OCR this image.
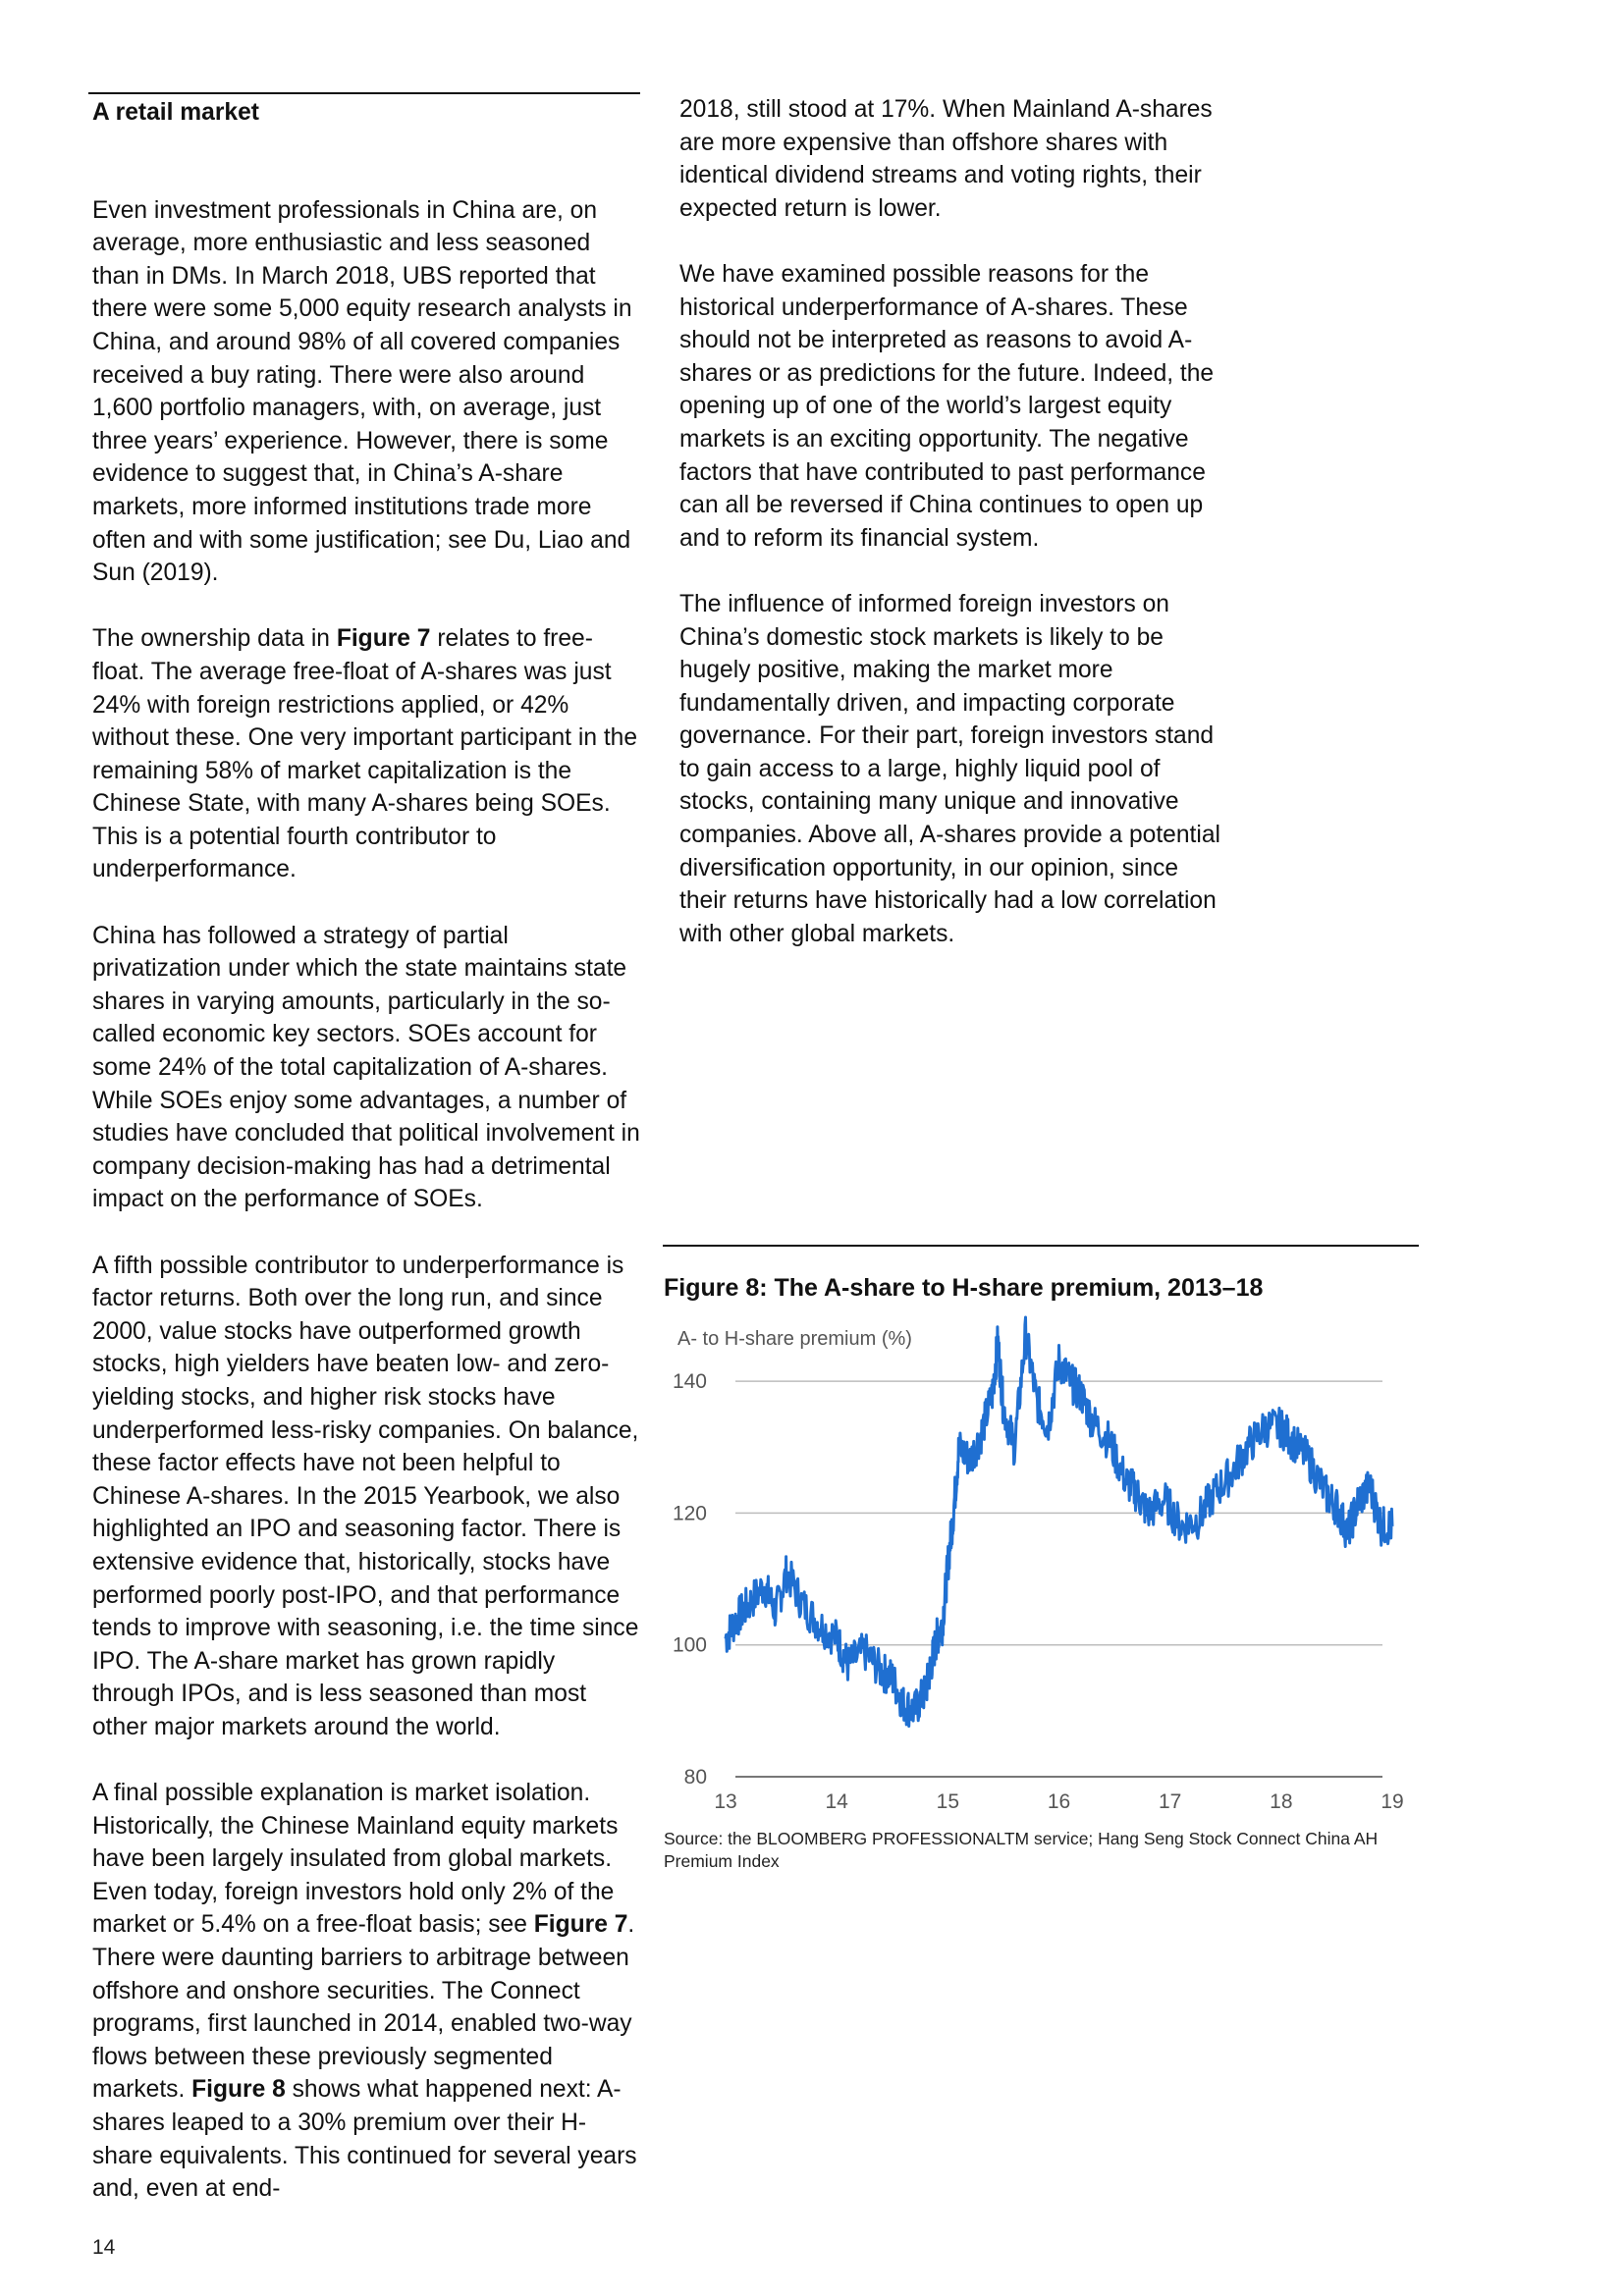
A retail market

Even investment professionals in China are, on average, more enthusiastic and less seasoned than in DMs. In March 2018, UBS reported that there were some 5,000 equity research analysts in China, and around 98% of all covered companies received a buy rating. There were also around 1,600 portfolio managers, with, on average, just three years’ experience. However, there is some evidence to suggest that, in China’s A-share markets, more informed institutions trade more often and with some justification; see Du, Liao and Sun (2019).

The ownership data in Figure 7 relates to free-float. The average free-float of A-shares was just 24% with foreign restrictions applied, or 42% without these. One very important participant in the remaining 58% of market capitalization is the Chinese State, with many A-shares being SOEs. This is a potential fourth contributor to underperformance.

China has followed a strategy of partial privatization under which the state maintains state shares in varying amounts, particularly in the so-called economic key sectors. SOEs account for some 24% of the total capitalization of A-shares. While SOEs enjoy some advantages, a number of studies have concluded that political involvement in company decision-making has had a detrimental impact on the performance of SOEs.

A fifth possible contributor to underperformance is factor returns. Both over the long run, and since 2000, value stocks have outperformed growth stocks, high yielders have beaten low- and zero-yielding stocks, and higher risk stocks have underperformed less-risky companies. On balance, these factor effects have not been helpful to Chinese A-shares. In the 2015 Yearbook, we also highlighted an IPO and seasoning factor. There is extensive evidence that, historically, stocks have performed poorly post-IPO, and that performance tends to improve with seasoning, i.e. the time since IPO. The A-share market has grown rapidly through IPOs, and is less seasoned than most other major markets around the world.

A final possible explanation is market isolation. Historically, the Chinese Mainland equity markets have been largely insulated from global markets. Even today, foreign investors hold only 2% of the market or 5.4% on a free-float basis; see Figure 7. There were daunting barriers to arbitrage between offshore and onshore securities. The Connect programs, first launched in 2014, enabled two-way flows between these previously segmented markets. Figure 8 shows what happened next: A-shares leaped to a 30% premium over their H-share equivalents. This continued for several years and, even at end-

2018, still stood at 17%. When Mainland A-shares are more expensive than offshore shares with identical dividend streams and voting rights, their expected return is lower.

We have examined possible reasons for the historical underperformance of A-shares. These should not be interpreted as reasons to avoid A-shares or as predictions for the future. Indeed, the opening up of one of the world’s largest equity markets is an exciting opportunity. The negative factors that have contributed to past performance can all be reversed if China continues to open up and to reform its financial system.

The influence of informed foreign investors on China’s domestic stock markets is likely to be hugely positive, making the market more fundamentally driven, and impacting corporate governance. For their part, foreign investors stand to gain access to a large, highly liquid pool of stocks, containing many unique and innovative companies. Above all, A-shares provide a potential diversification opportunity, in our opinion, since their returns have historically had a low correlation with other global markets.

Figure 8: The A-share to H-share premium, 2013–18
A- to H-share premium (%)
80
100
120
140
13	14	15	16	17	18	19
Source: the BLOOMBERG PROFESSIONALTM service; Hang Seng Stock Connect China AH Premium Index
14
